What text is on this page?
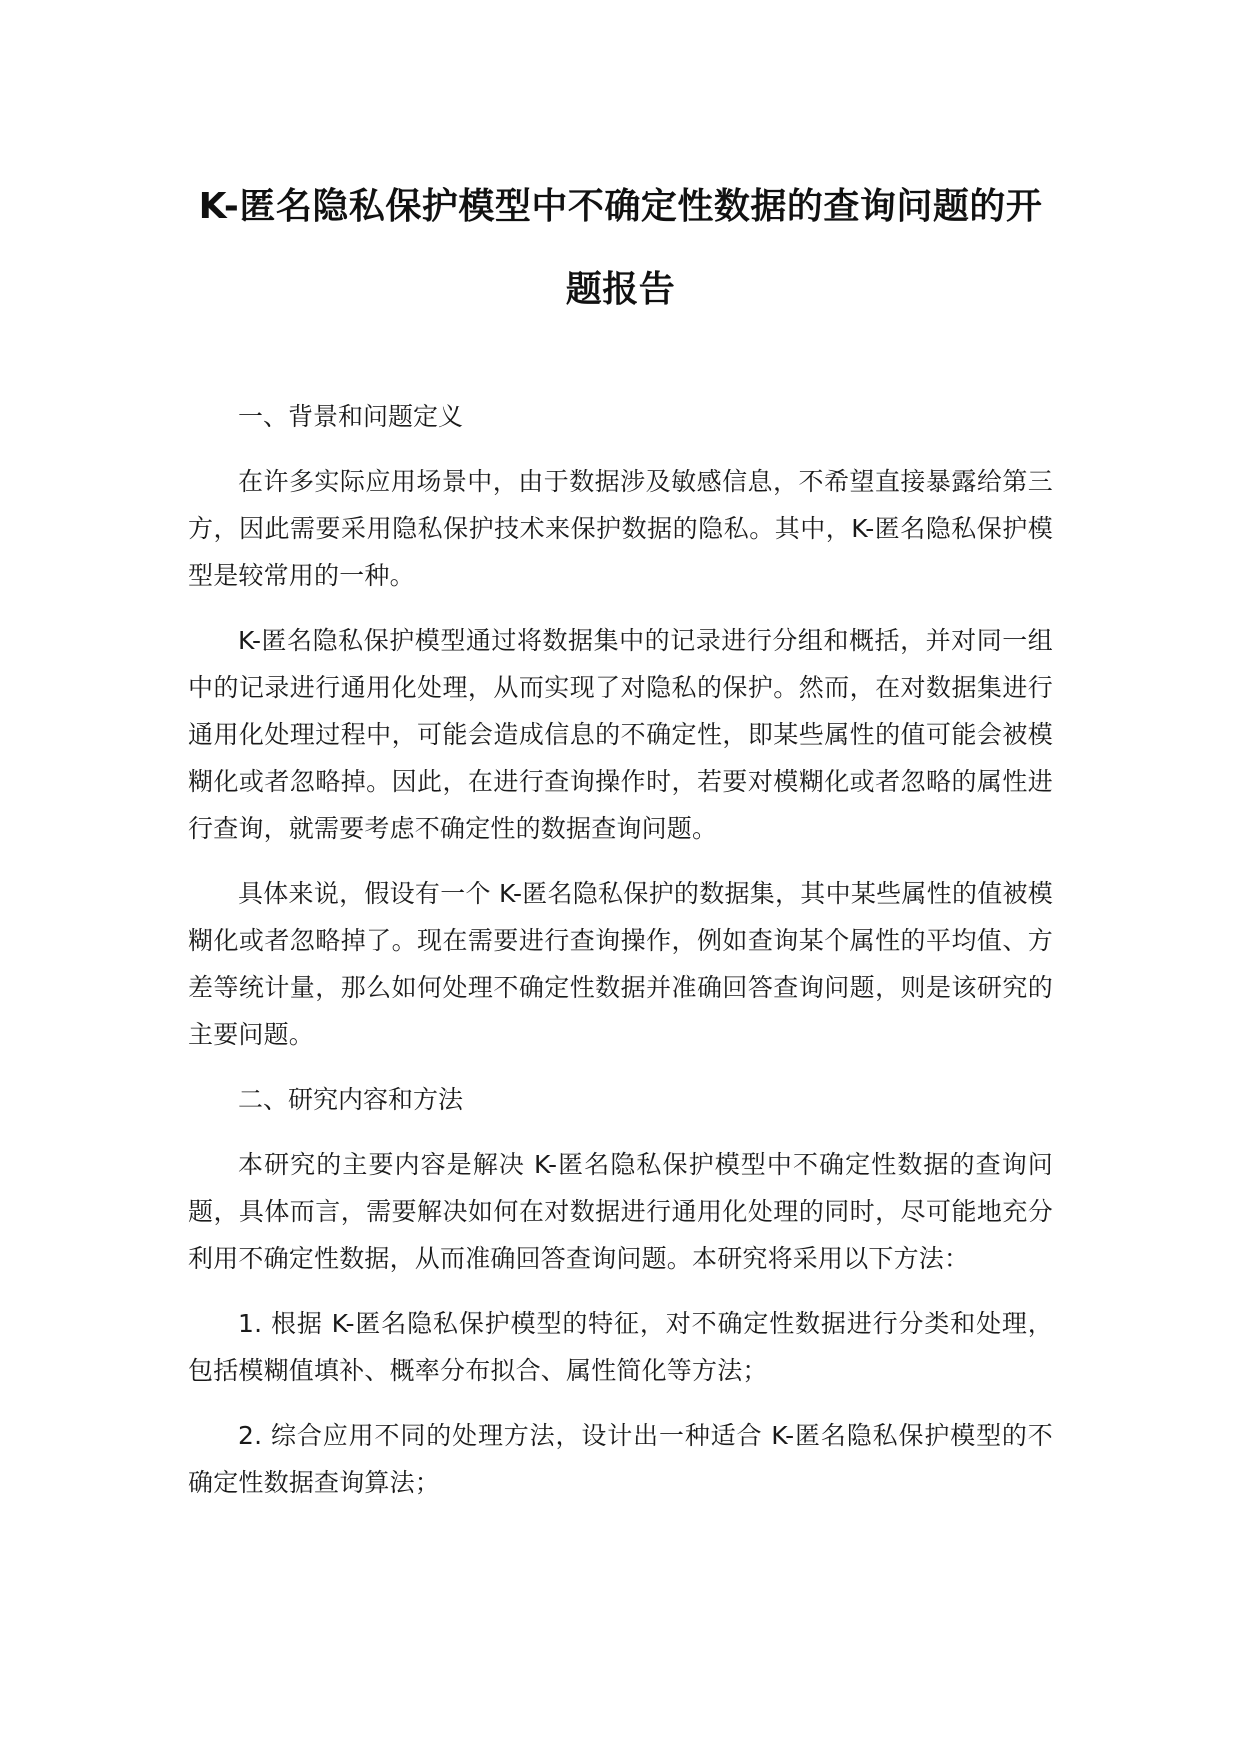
K-匿名隐私保护模型中不确定性数据的查询问题的开题报告

一、背景和问题定义

在许多实际应用场景中，由于数据涉及敏感信息，不希望直接暴露给第三方，因此需要采用隐私保护技术来保护数据的隐私。其中，K-匿名隐私保护模型是较常用的一种。

K-匿名隐私保护模型通过将数据集中的记录进行分组和概括，并对同一组中的记录进行通用化处理，从而实现了对隐私的保护。然而，在对数据集进行通用化处理过程中，可能会造成信息的不确定性，即某些属性的值可能会被模糊化或者忽略掉。因此，在进行查询操作时，若要对模糊化或者忽略的属性进行查询，就需要考虑不确定性的数据查询问题。

具体来说，假设有一个 K-匿名隐私保护的数据集，其中某些属性的值被模糊化或者忽略掉了。现在需要进行查询操作，例如查询某个属性的平均值、方差等统计量，那么如何处理不确定性数据并准确回答查询问题，则是该研究的主要问题。

二、研究内容和方法

本研究的主要内容是解决 K-匿名隐私保护模型中不确定性数据的查询问题，具体而言，需要解决如何在对数据进行通用化处理的同时，尽可能地充分利用不确定性数据，从而准确回答查询问题。本研究将采用以下方法：

1. 根据 K-匿名隐私保护模型的特征，对不确定性数据进行分类和处理，包括模糊值填补、概率分布拟合、属性简化等方法；

2. 综合应用不同的处理方法，设计出一种适合 K-匿名隐私保护模型的不确定性数据查询算法；
